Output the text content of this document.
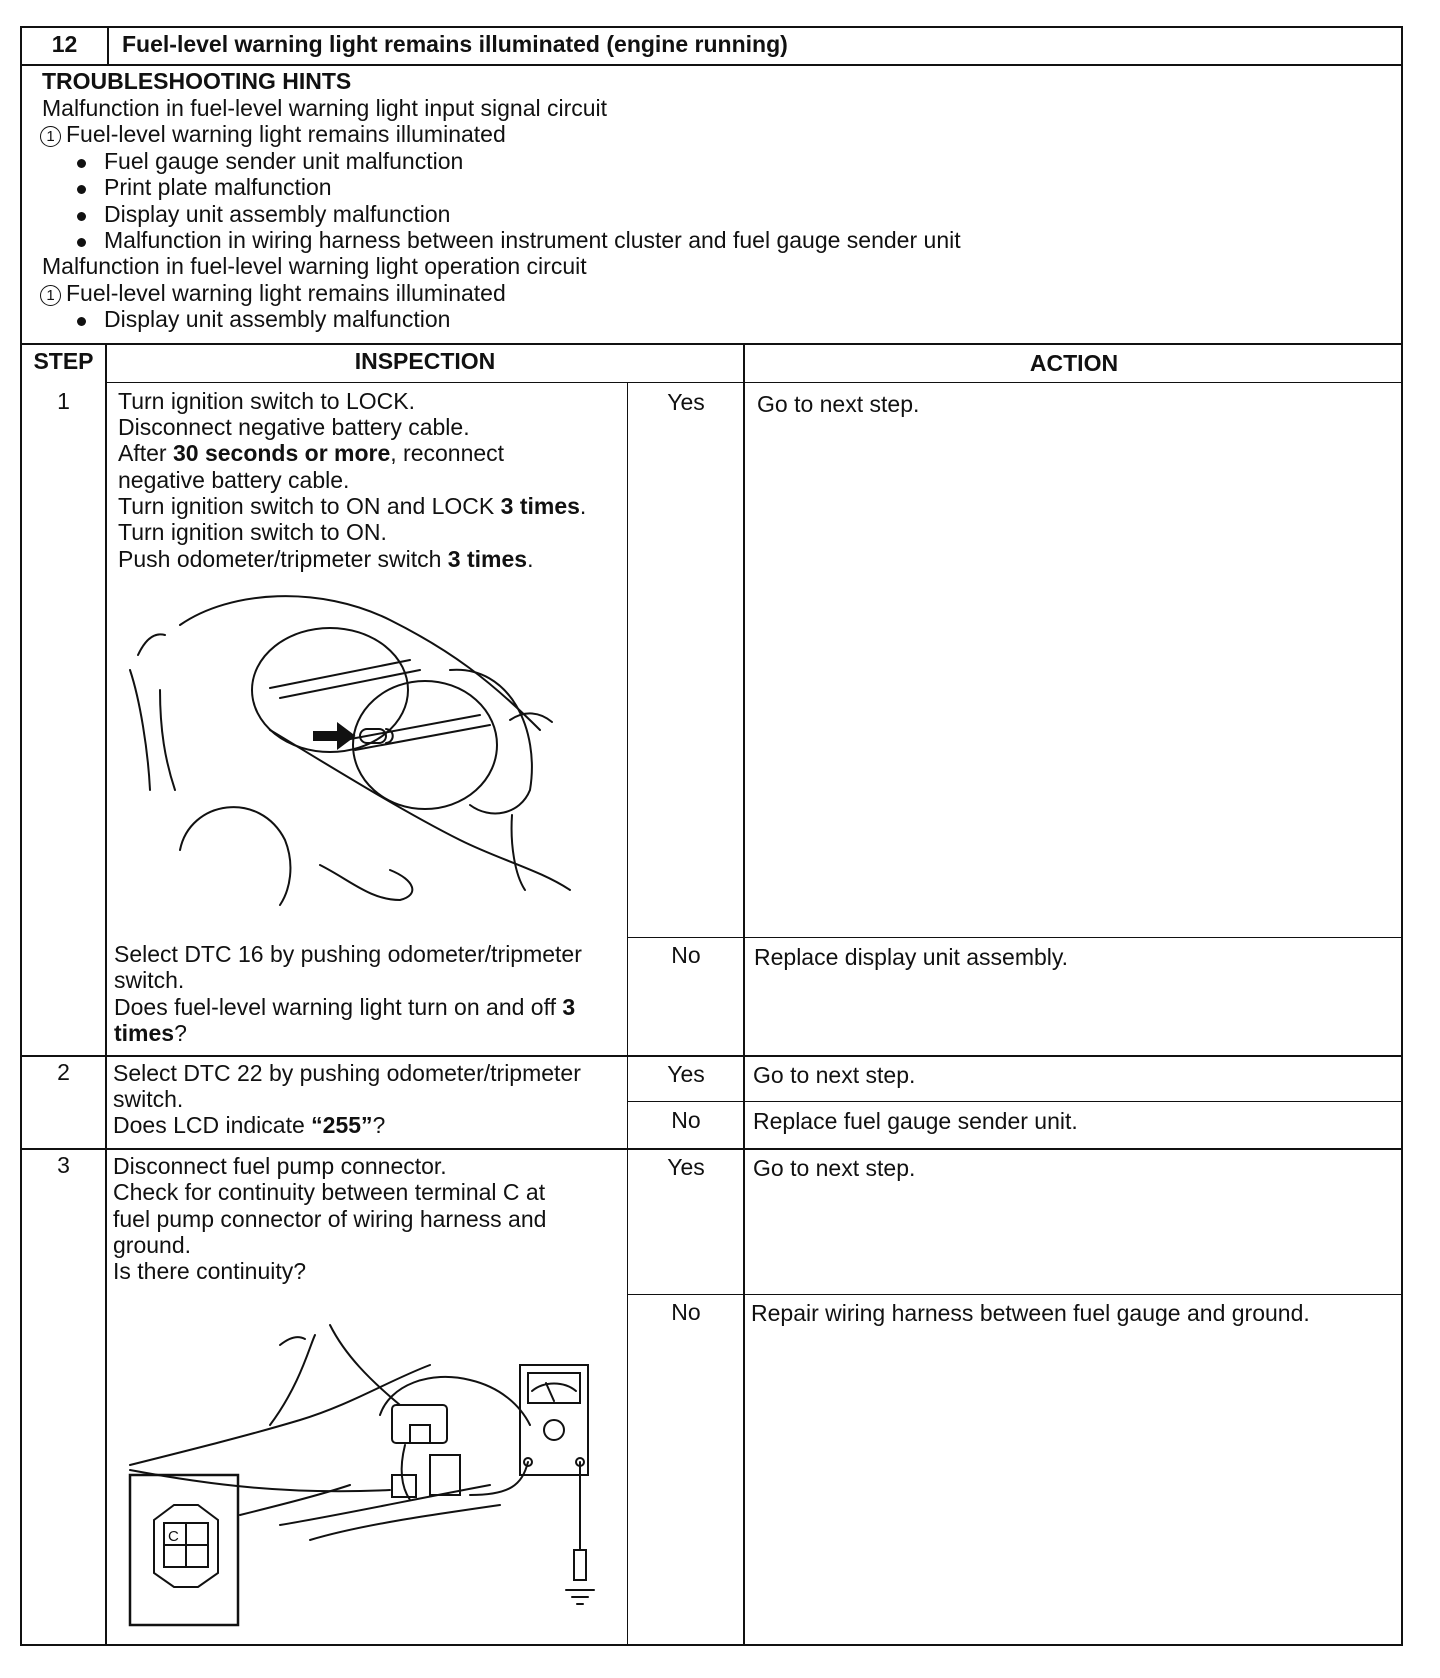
12	Fuel-level warning light remains illuminated (engine running)
TROUBLESHOOTING HINTS
Malfunction in fuel-level warning light input signal circuit
1 Fuel-level warning light remains illuminated
Fuel gauge sender unit malfunction
Print plate malfunction
Display unit assembly malfunction
Malfunction in wiring harness between instrument cluster and fuel gauge sender unit
Malfunction in fuel-level warning light operation circuit
1 Fuel-level warning light remains illuminated
Display unit assembly malfunction
STEP	INSPECTION	ACTION
1	Turn ignition switch to LOCK.
Disconnect negative battery cable.
After 30 seconds or more, reconnect
negative battery cable.
Turn ignition switch to ON and LOCK 3 times.
Turn ignition switch to ON.
Push odometer/tripmeter switch 3 times.
Select DTC 16 by pushing odometer/tripmeter
switch.
Does fuel-level warning light turn on and off 3
times?
Yes	Go to next step.
No	Replace display unit assembly.
2	Select DTC 22 by pushing odometer/tripmeter
switch.
Does LCD indicate “255”?
Yes	Go to next step.
No	Replace fuel gauge sender unit.
3	Disconnect fuel pump connector.
Check for continuity between terminal C at
fuel pump connector of wiring harness and
ground.
Is there continuity?
C
Yes	Go to next step.
No	Repair wiring harness between fuel gauge and ground.
